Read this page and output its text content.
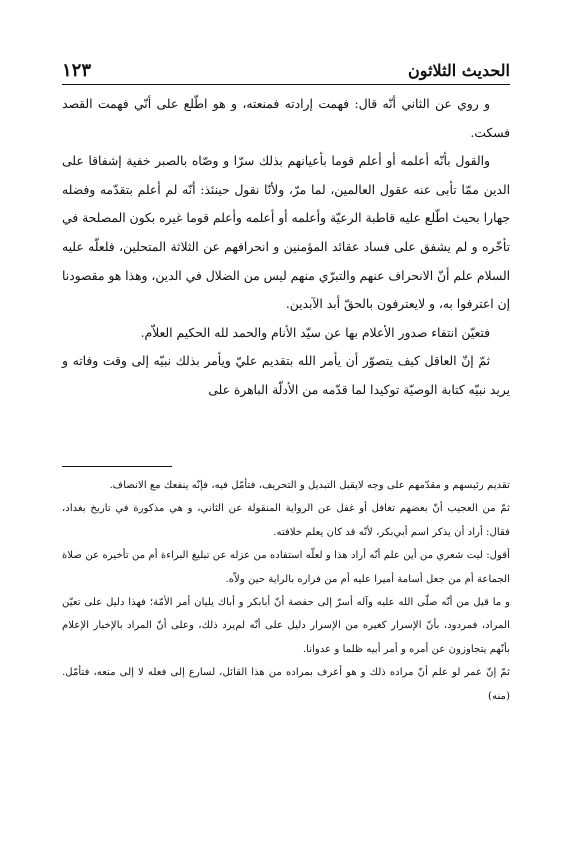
الحديث الثلاثون
١٢٣

و روي عن الثاني أنّه قال: فهمت إرادته فمنعته، و هو اطّلع على أنّي فهمت القصد فسكت.

والقول بأنّه أعلمه أو أعلم قوما بأعيانهم بذلك سرّا و وصّاه بالصبر خفية إشفاقا على الدين ممّا تأبى عنه عقول العالمين، لما مرّ، ولأنّا نقول حينئذ: أنّه لم أعلم بتقدّمه وفضله جهارا بحيث اطّلع عليه قاطبة الرعيّة وأعلمه أو أعلمه وأعلم قوما غيره بكون المصلحة في تأخّره و لم يشفق على فساد عقائد المؤمنين و انحرافهم عن الثلاثة المتحلين، فلعلّه عليه السلام علم أنّ الانحراف عنهم والتبرّي منهم ليس من الضلال في الدين، وهذا هو مقصودنا إن اعترفوا به، و لايعترفون بالحقّ أبد الآبدين.

فتعيّن انتفاء صدور الأعلام بها عن سيّد الأنام والحمد لله الحكيم العلاّم.

ثمّ إنّ العاقل كيف يتصوّر أن يأمر الله بتقديم عليّ ويأمر بذلك نبيّه إلى وقت وفاته و يريد نبيّه كتابة الوصيّة توكيدا لما قدّمه من الأدلّة الباهرة على

تقديم رئيسهم و مقدّمهم على وجه لايقبل التبديل و التحريف، فتأمّل فيه، فإنّه ينفعك مع الانصاف.

ثمّ من العجيب أنّ بعضهم تغافل أو غفل عن الرواية المنقولة عن الثاني، و هي مذكورة في تاريخ بغداد، فقال: أراد أن يذكر اسم أبي‌بكر، لأنّه قد كان يعلم خلافته.

أقول: ليت شعري من أين علم أنّه أراد هذا و لعلّه استفاده من عزله عن تبليغ البراءة أم من تأخيره عن صلاة الجماعة أم من جعل أسامة أميرا عليه أم من فراره بالراية حين ولاّه.

و ما قيل من أنّه صلّى الله عليه وآله أسرّ إلى حفصة أنّ أبابكر و أباك يليان أمر الأمّة؛ فهذا دليل على تعيّن المراد، فمردود، بأنّ الإسرار كغيره من الإسرار دليل على أنّه لم‌يرد ذلك، وعلى أنّ المراد بالإخبار الإعلام بأنّهم يتجاوزون عن أمره و أمر أبيه ظلما و عدوانا.

ثمّ إنّ عمر لو علم أنّ مراده ذلك و هو أعرف بمراده من هذا القائل، لسارع إلى فعله لا إلى منعه، فتأمّل. (منه)
